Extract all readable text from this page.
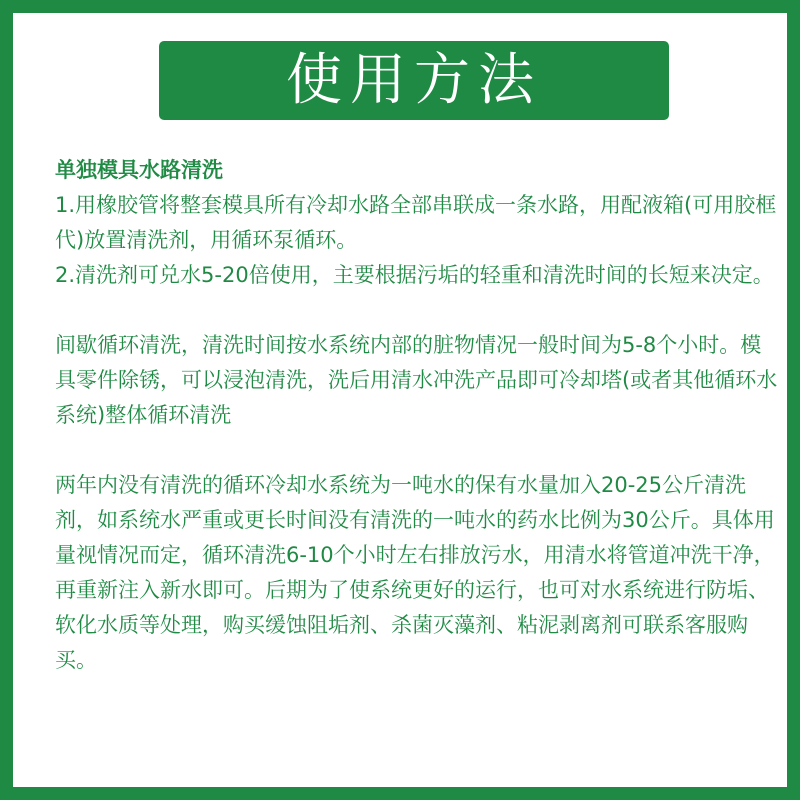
使用方法

单独模具水路清洗

1.用橡胶管将整套模具所有冷却水路全部串联成一条水路，用配液箱(可用胶框代)放置清洗剂，用循环泵循环。

2.清洗剂可兑水5-20倍使用，主要根据污垢的轻重和清洗时间的长短来决定。

间歇循环清洗，清洗时间按水系统内部的脏物情况一般时间为5-8个小时。模具零件除锈，可以浸泡清洗，洗后用清水冲洗产品即可冷却塔(或者其他循环水系统)整体循环清洗

两年内没有清洗的循环冷却水系统为一吨水的保有水量加入20-25公斤清洗剂，如系统水严重或更长时间没有清洗的一吨水的药水比例为30公斤。具体用量视情况而定，循环清洗6-10个小时左右排放污水，用清水将管道冲洗干净，再重新注入新水即可。后期为了使系统更好的运行，也可对水系统进行防垢、软化水质等处理，购买缓蚀阻垢剂、杀菌灭藻剂、粘泥剥离剂可联系客服购买。
